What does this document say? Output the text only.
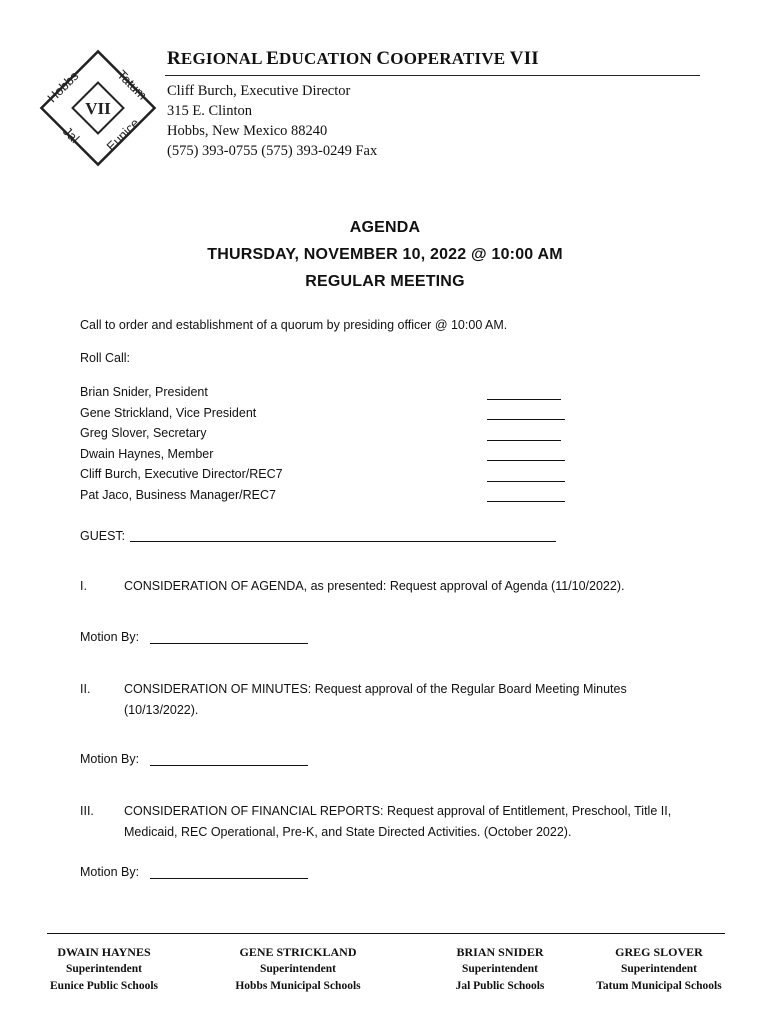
VII
Hobbs	Tatum
Jal Eunice
REGIONAL EDUCATION COOPERATIVE VII
Cliff Burch, Executive Director
315 E. Clinton
Hobbs, New Mexico 88240
(575) 393-0755 (575) 393-0249 Fax
AGENDA
THURSDAY, NOVEMBER 10, 2022 @ 10:00 AM
REGULAR MEETING
Call to order and establishment of a quorum by presiding officer @ 10:00 AM.
Roll Call:
Brian Snider, President
Gene Strickland, Vice President
Greg Slover, Secretary
Dwain Haynes, Member
Cliff Burch, Executive Director/REC7
Pat Jaco, Business Manager/REC7
GUEST:
I.	CONSIDERATION OF AGENDA, as presented: Request approval of Agenda (11/10/2022).
Motion By:
II.	CONSIDERATION OF MINUTES: Request approval of the Regular Board Meeting Minutes (10/13/2022).
Motion By:
III. CONSIDERATION OF FINANCIAL REPORTS: Request approval of Entitlement, Preschool, Title II, Medicaid, REC Operational, Pre-K, and State Directed Activities. (October 2022).
Motion By:
DWAIN HAYNES
Superintendent
Eunice Public Schools
GENE STRICKLAND
Superintendent
Hobbs Municipal Schools
BRIAN SNIDER
Superintendent
Jal Public Schools
GREG SLOVER
Superintendent
Tatum Municipal Schools
